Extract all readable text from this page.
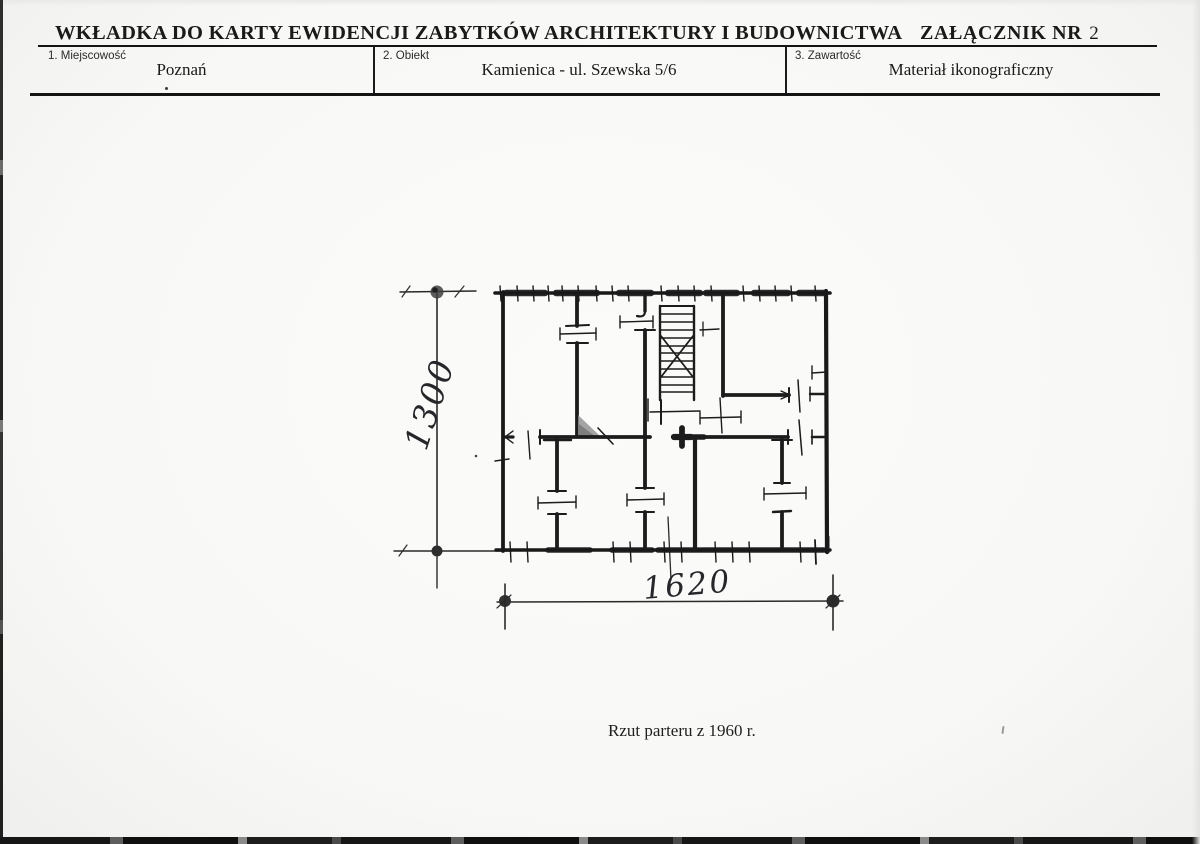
WKŁADKA DO KARTY EWIDENCJI ZABYTKÓW ARCHITEKTURY I BUDOWNICTWA ZAŁĄCZNIK NR 2
1. Miejscowość	2. Obiekt	3. Zawartość
Poznań	Kamienica - ul. Szewska 5/6	Materiał ikonograficzny
1300
1620
Rzut parteru z 1960 r.
